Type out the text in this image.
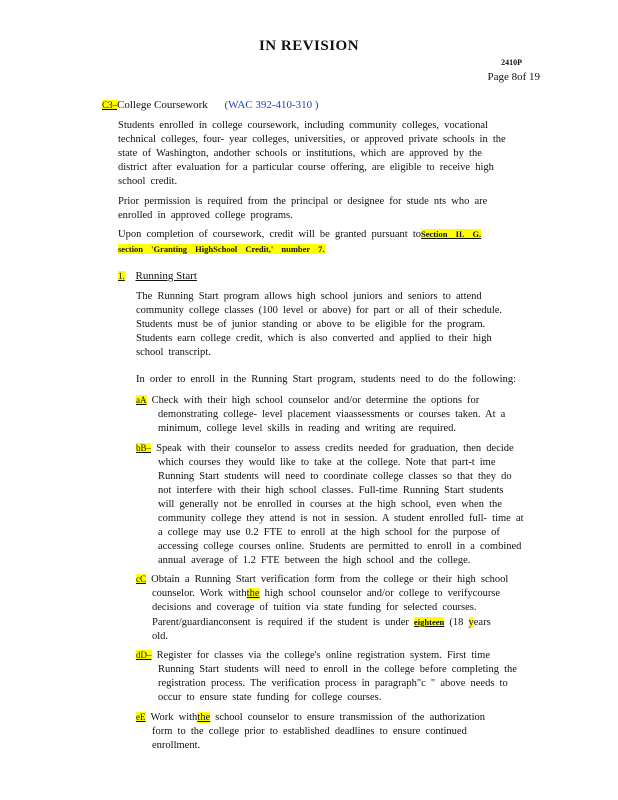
IN REVISION
2410P
Page 8of 19
C3–College Coursework (WAC 392-410-310 )
Students enrolled in college coursework, including community colleges, vocational
technical colleges, four- year colleges, universities, or approved private schools in the
state of Washington, andother schools or institutions, which are approved by the
district after evaluation for a particular course offering, are eligible to receive high
school credit.
Prior permission is required from the principal or designee for stude nts who are
enrolled in approved college programs.
Upon completion of coursework, credit will be granted pursuant toSection II. G.
section 'Granting HighSchool Credit,' number 7.
1. Running Start
The Running Start program allows high school juniors and seniors to attend
community college classes (100 level or above) for part or all of their schedule.
Students must be of junior standing or above to be eligible for the program.
Students earn college credit, which is also converted and applied to their high
school transcript.
In order to enroll in the Running Start program, students need to do the following:
aA Check with their high school counselor and/or determine the options for
demonstrating college- level placement viaassessments or courses taken. At a
minimum, college level skills in reading and writing are required.
bB– Speak with their counselor to assess credits needed for graduation, then decide
which courses they would like to take at the college. Note that part-t ime
Running Start students will need to coordinate college classes so that they do
not interfere with their high school classes. Full-time Running Start students
will generally not be enrolled in courses at the high school, even when the
community college they attend is not in session. A student enrolled full- time at
a college may use 0.2 FTE to enroll at the high school for the purpose of
accessing college courses online. Students are permitted to enroll in a combined
annual average of 1.2 FTE between the high school and the college.
cC Obtain a Running Start verification form from the college or their high school
counselor. Work withthe high school counselor and/or college to verifycourse
decisions and coverage of tuition via state funding for selected courses.
Parent/guardianconsent is required if the student is under eighteen (18 years
old.
dD– Register for classes via the college's online registration system. First time
Running Start students will need to enroll in the college before completing the
registration process. The verification process in paragraph"c " above needs to
occur to ensure state funding for college courses.
eE Work withthe school counselor to ensure transmission of the authorization
form to the college prior to established deadlines to ensure continued
enrollment.
